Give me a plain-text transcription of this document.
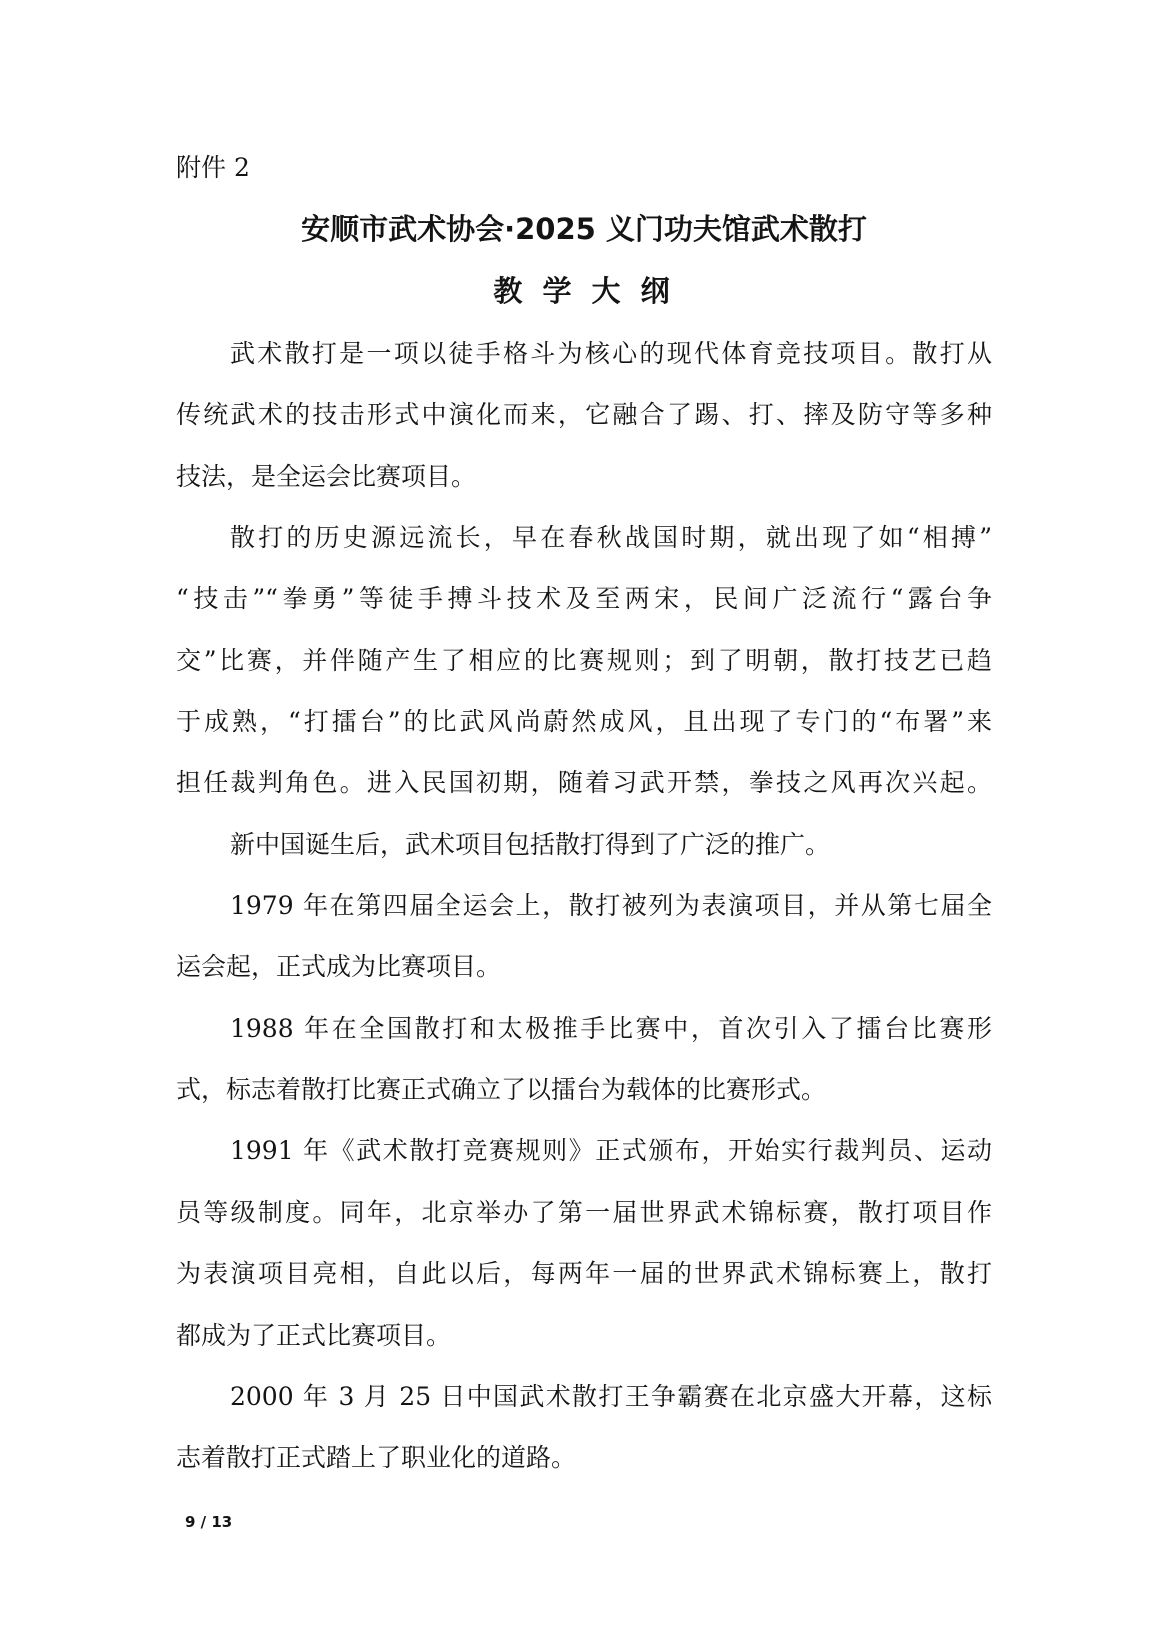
附件 2
安顺市武术协会·2025 义门功夫馆武术散打
教 学 大 纲
武术散打是一项以徒手格斗为核心的现代体育竞技项目。散打从
传统武术的技击形式中演化而来，它融合了踢、打、摔及防守等多种
技法，是全运会比赛项目。
散打的历史源远流长，早在春秋战国时期，就出现了如“相搏”
“技击”“拳勇”等徒手搏斗技术及至两宋，民间广泛流行“露台争
交”比赛，并伴随产生了相应的比赛规则；到了明朝，散打技艺已趋
于成熟，“打擂台”的比武风尚蔚然成风，且出现了专门的“布署”来
担任裁判角色。进入民国初期，随着习武开禁，拳技之风再次兴起。
新中国诞生后，武术项目包括散打得到了广泛的推广。
1979 年在第四届全运会上，散打被列为表演项目，并从第七届全
运会起，正式成为比赛项目。
1988 年在全国散打和太极推手比赛中，首次引入了擂台比赛形
式，标志着散打比赛正式确立了以擂台为载体的比赛形式。
1991 年《武术散打竞赛规则》正式颁布，开始实行裁判员、运动
员等级制度。同年，北京举办了第一届世界武术锦标赛，散打项目作
为表演项目亮相，自此以后，每两年一届的世界武术锦标赛上，散打
都成为了正式比赛项目。
2000 年 3 月 25 日中国武术散打王争霸赛在北京盛大开幕，这标
志着散打正式踏上了职业化的道路。
9 / 13
